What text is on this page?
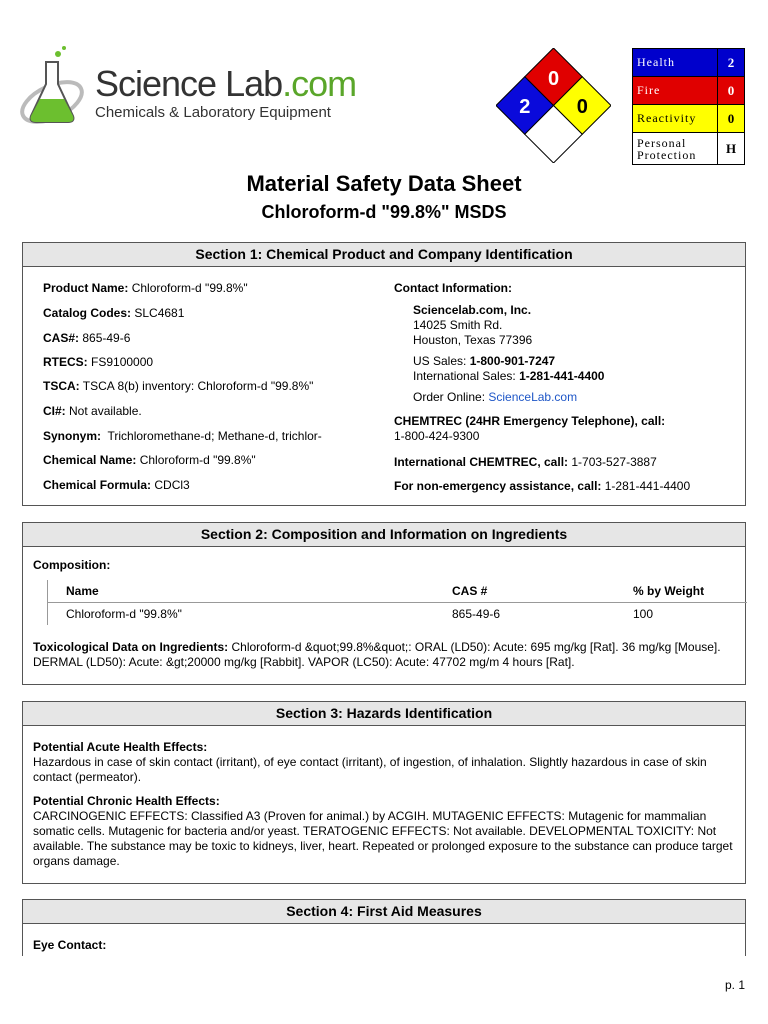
Science Lab.com
Chemicals & Laboratory Equipment
0
2 0
Health	2
Fire	0
Reactivity	0
Personal Protection	H
Material Safety Data Sheet
Chloroform-d "99.8%" MSDS
Section 1: Chemical Product and Company Identification
Product Name: Chloroform-d "99.8%"
Catalog Codes: SLC4681
CAS#: 865-49-6
RTECS: FS9100000
TSCA: TSCA 8(b) inventory: Chloroform-d "99.8%"
CI#: Not available.
Synonym:  Trichloromethane-d; Methane-d, trichlor-
Chemical Name: Chloroform-d "99.8%"
Chemical Formula: CDCl3
Contact Information:
Sciencelab.com, Inc.
14025 Smith Rd.
Houston, Texas 77396
US Sales: 1-800-901-7247
International Sales: 1-281-441-4400
Order Online: ScienceLab.com
CHEMTREC (24HR Emergency Telephone), call:
1-800-424-9300
International CHEMTREC, call: 1-703-527-3887
For non-emergency assistance, call: 1-281-441-4400
Section 2: Composition and Information on Ingredients
Composition:
Name	CAS #	% by Weight
Chloroform-d "99.8%"	865-49-6	100
Toxicological Data on Ingredients: Chloroform-d &quot;99.8%&quot;: ORAL (LD50): Acute: 695 mg/kg [Rat]. 36 mg/kg [Mouse]. DERMAL (LD50): Acute: &gt;20000 mg/kg [Rabbit]. VAPOR (LC50): Acute: 47702 mg/m 4 hours [Rat].
Section 3: Hazards Identification
Potential Acute Health Effects:
Hazardous in case of skin contact (irritant), of eye contact (irritant), of ingestion, of inhalation. Slightly hazardous in case of skin contact (permeator).
Potential Chronic Health Effects:
CARCINOGENIC EFFECTS: Classified A3 (Proven for animal.) by ACGIH. MUTAGENIC EFFECTS: Mutagenic for mammalian somatic cells. Mutagenic for bacteria and/or yeast. TERATOGENIC EFFECTS: Not available. DEVELOPMENTAL TOXICITY: Not available. The substance may be toxic to kidneys, liver, heart. Repeated or prolonged exposure to the substance can produce target organs damage.
Section 4: First Aid Measures
Eye Contact:
p. 1
